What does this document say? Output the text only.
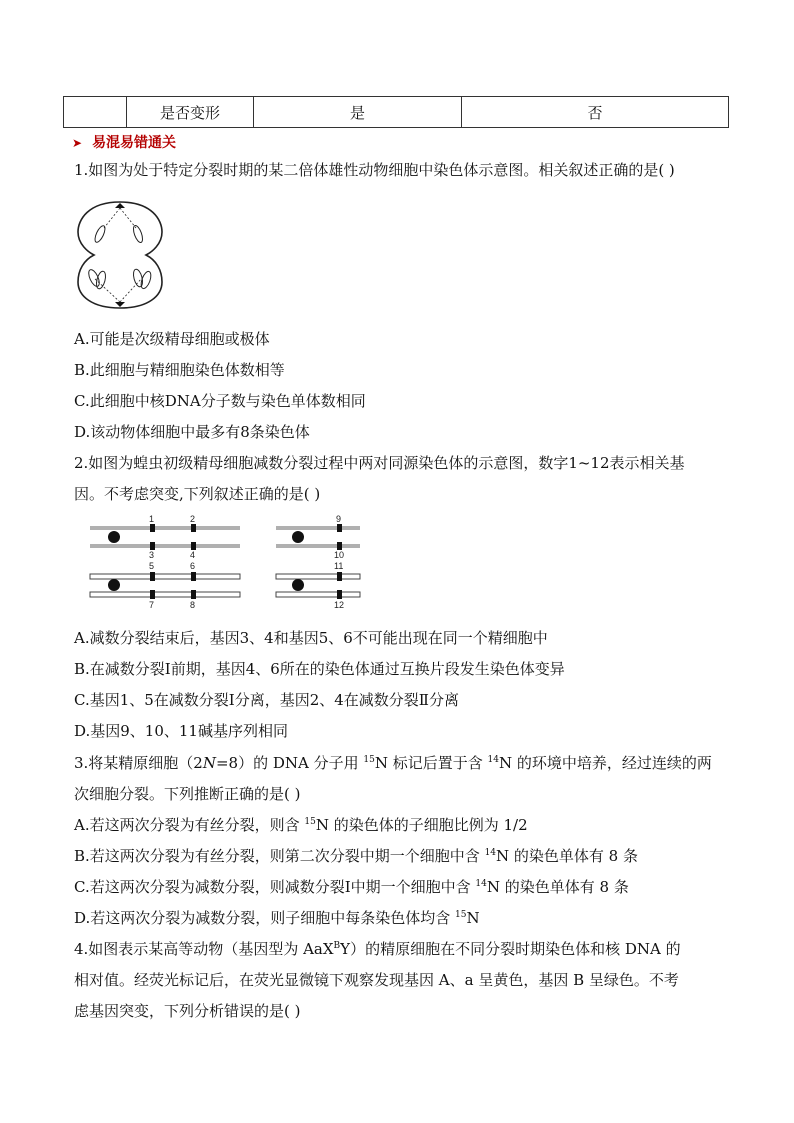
	是否变形	是	否
➤ 易混易错通关
1.如图为处于特定分裂时期的某二倍体雄性动物细胞中染色体示意图。相关叙述正确的是( )
A.可能是次级精母细胞或极体
B.此细胞与精细胞染色体数相等
C.此细胞中核DNA分子数与染色单体数相同
D.该动物体细胞中最多有8条染色体
2.如图为蝗虫初级精母细胞减数分裂过程中两对同源染色体的示意图，数字1~12表示相关基
因。不考虑突变,下列叙述正确的是( )
1	2
3	4
5	6
7	8
9
10
11
12
A.减数分裂结束后，基因3、4和基因5、6不可能出现在同一个精细胞中
B.在减数分裂Ⅰ前期，基因4、6所在的染色体通过互换片段发生染色体变异
C.基因1、5在减数分裂Ⅰ分离，基因2、4在减数分裂Ⅱ分离
D.基因9、10、11碱基序列相同
3.将某精原细胞（2N=8）的 DNA 分子用 $^{15}$N 标记后置于含 $^{14}$N 的环境中培养，经过连续的两
次细胞分裂。下列推断正确的是( )
A.若这两次分裂为有丝分裂，则含 $^{15}$N 的染色体的子细胞比例为 1/2
B.若这两次分裂为有丝分裂，则第二次分裂中期一个细胞中含 $^{14}$N 的染色单体有 8 条
C.若这两次分裂为减数分裂，则减数分裂Ⅰ中期一个细胞中含 $^{14}$N 的染色单体有 8 条
D.若这两次分裂为减数分裂，则子细胞中每条染色体均含 $^{15}$N
4.如图表示某高等动物（基因型为 AaX$^B$Y）的精原细胞在不同分裂时期染色体和核 DNA 的
相对值。经荧光标记后，在荧光显微镜下观察发现基因 A、a 呈黄色，基因 B 呈绿色。不考
虑基因突变，下列分析错误的是( )
